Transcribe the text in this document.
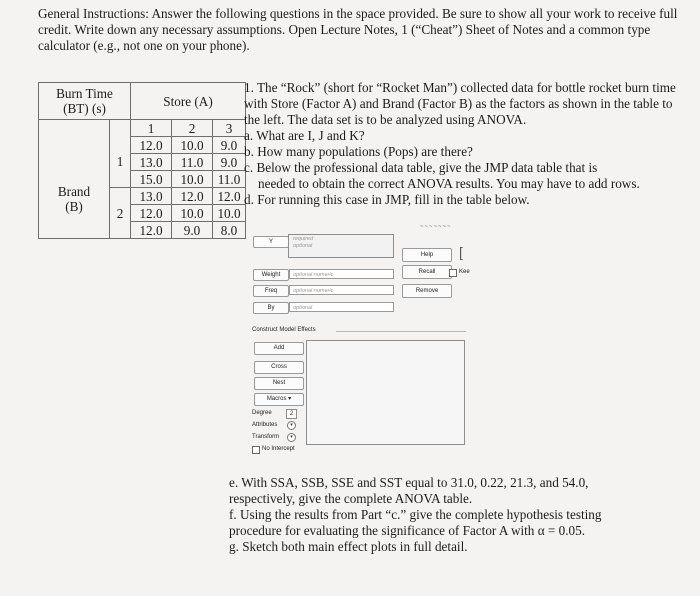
General Instructions: Answer the following questions in the space provided. Be sure to show all your work to receive full credit. Write down any necessary assumptions. Open Lecture Notes, 1 (“Cheat”) Sheet of Notes and a common type calculator (e.g., not one on your phone).
Burn Time
(BT) (s)		Store (A)		

Brand
(B)		1	2	3
	1	12.0	10.0	9.0
		13.0	11.0	9.0
		15.0	10.0	11.0
	2	13.0	12.0	12.0
		12.0	10.0	10.0
		12.0	9.0	8.0
1. The “Rock” (short for “Rocket Man”) collected data for bottle rocket burn time with Store (Factor A) and Brand (Factor B) as the factors as shown in the table to the left. The data set is to be analyzed using ANOVA.
a. What are I, J and K?
b. How many populations (Pops) are there?
c. Below the professional data table, give the JMP data table that is
needed to obtain the correct ANOVA results. You may have to add rows.
d. For running this case in JMP, fill in the table below.
~~~~~~~
Y	required
optional
Weight	optional numeric
Freq	optional numeric
By	optional
Help
Recall	Kee
Remove
[
Construct Model Effects
Add
Cross
Nest
Macros ▾
Degree	2
Attributes	▾
Transform	▾
No Intercept
e. With SSA, SSB, SSE and SST equal to 31.0, 0.22, 21.3, and 54.0,
respectively, give the complete ANOVA table.
f. Using the results from Part “c.” give the complete hypothesis testing
procedure for evaluating the significance of Factor A with α = 0.05.
g. Sketch both main effect plots in full detail.
